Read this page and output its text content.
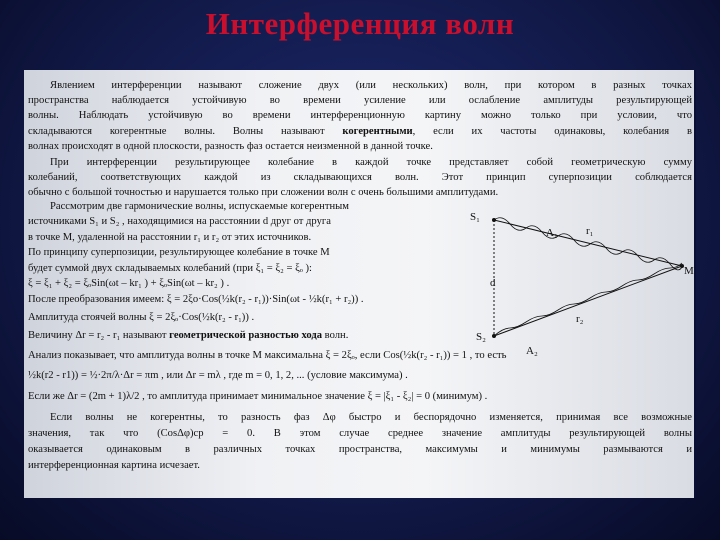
Интерференция волн
Явлением интерференции называют сложение двух (или нескольких) волн, при котором в разных точках
пространства наблюдается устойчивую во времени усиление или ослабление амплитуды результирующей
волны. Наблюдать устойчивую во времени интерференционную картину можно только при условии, что
складываются когерентные волны. Волны называют когерентными, если их частоты одинаковы, колебания в
волнах происходят в одной плоскости, разность фаз остается неизменной в данной точке.
При интерференции результирующее колебание в каждой точке представляет собой геометрическую сумму
колебаний, соответствующих каждой из складывающихся волн. Этот принцип суперпозиции соблюдается
обычно с большой точностью и нарушается только при сложении волн с очень большими амплитудами.
Рассмотрим две гармонические волны, испускаемые когерентным
источниками S₁ и S₂ , находящимися на расстоянии d друг от друга
в точке M, удаленной на расстоянии r₁ и r₂ от этих источников.
По принципу суперпозиции, результирующее колебание в точке M
будет суммой двух складываемых колебаний (при ξ₁ = ξ₂ = ξₒ ):
ξ = ξ₁ + ξ₂ = ξₒSin(ωt – kr₁ ) + ξₒSin(ωt – kr₂ ) .
После преобразования имеем: ξ = 2ξo·Cos(½k(r₂ - r₁))·Sin(ωt - ½k(r₁ + r₂)) .
Амплитуда стоячей волны ξ = 2ξₒ·Cos(½k(r₂ - r₁)) .
Величину Δr = r₂ - r₁ называют геометрической разностью хода волн.
Анализ показывает, что амплитуда волны в точке M максимальна ξ = 2ξₒ, если Cos(½k(r₂ - r₁)) = 1 , то есть
½k(r2 - r1)) = ½·2π/λ·Δr = πm , или Δr = mλ , где m = 0, 1, 2, ... (условие максимума) .
Если же Δr = (2m + 1)λ/2 , то амплитуда принимает минимальное значение ξ = |ξ₁ - ξ₂| = 0 (минимум) .
Если волны не когерентны, то разность фаз Δφ быстро и беспорядочно изменяется, принимая все возможные
значения, так что (CosΔφ)ср = 0. В этом случае среднее значение амплитуды результирующей волны
оказывается одинаковым в различных точках пространства, максимумы и минимумы размываются и
интерференционная картина исчезает.
S₁
S₂
A₁
A₂
r₁
r₂
d
M
